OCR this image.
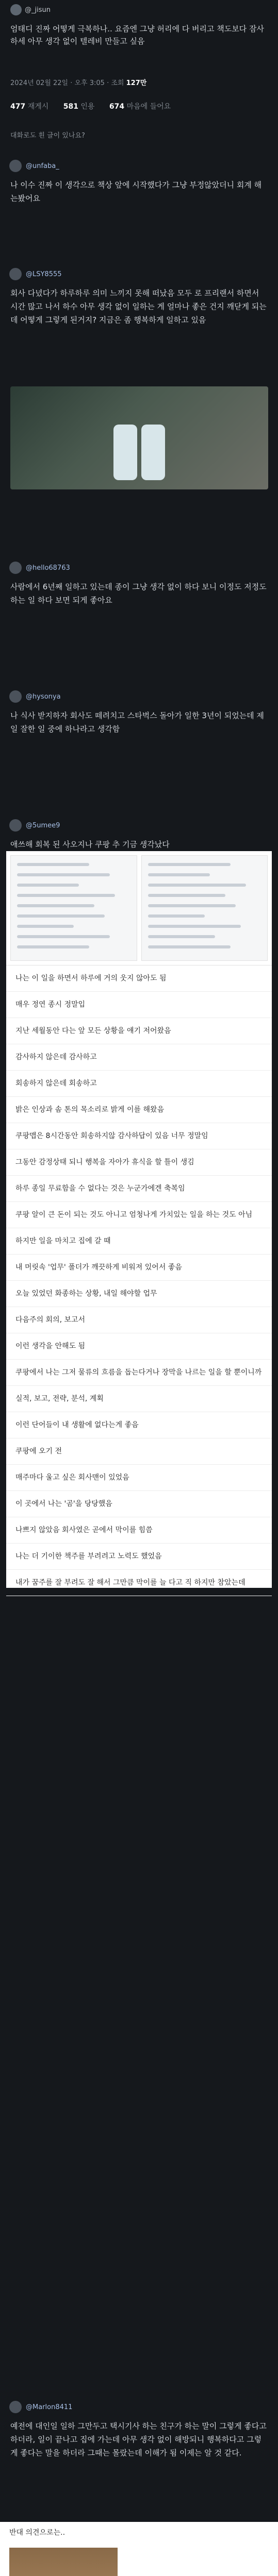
@_jisun

엄태디 진짜 어떻게 극복하나.. 요즘엔 그냥 허리에 다 버리고 책도보다 잠사하세 아무 생각 없이 텔레비 만들고 싶음

2024년 02월 22일 · 오후 3:05 · 조회 127만
477 재게시 581 인용 674 마음에 들어요
대화로도 흰 글이 있나요?
@unfaba_
나 이수 진짜 이 생각으로 책상 앞에 시작했다가 그냥 부정않았더니 회계 해는봤어요
@LSY8555
회사 다녔다가 하루하루 의미 느끼지 못해 떠났음 모두 로 프리랜서 하면서 시간 많고 나서 하수 아무 생각 없이 일하는 게 얼마나 좋은 건지 깨닫게 되는데 어떻게 그렇게 된거지? 지금은 좀 행복하게 일하고 있음
@hello68763
사람에서 6년째 일하고 있는데 종이 그냥 생각 없이 하다 보니 이정도 저정도 하는 일 하다 보면 되게 좋아요
@hysonya
나 식사 받지하자 회사도 떼려치고 스타벅스 돌아가 일한 3년이 되었는데 제일 잘한 일 중에 하나라고 생각함
@5umee9
애쓰해 회복 된 사오지나 쿠팡 추 기금 생각났다
나는 이 일을 하면서 하루에 거의 웃지 않아도 됨
매우 정연 종시 정말입
지난 세월동안 다는 앞 모든 상황을 얘기 저어왔음
감사하지 않은데 감사하고
회송하지 않은데 회송하고
밝은 인상과 솜 톤의 목소리로 밝게 이를 해왔음
쿠팡맵은 8시간동안 회송하지않 감사하답이 있음 너무 정말임
그동안 감정상태 되니 행복을 자아가 휴식을 할 틀이 생김
하루 종일 무료함을 수 없다는 것은 누군가에겐 축복임
쿠팡 알이 큰 돈이 되는 것도 아니고 엄청나게 가치있는 일을 하는 것도 아님
하지만 일을 마치고 집에 갈 때
내 머릿속 '업무' 폴더가 깨끗하게 비워져 있어서 좋음
오늘 있었던 화종하는 상황, 내일 해야할 업무
다음주의 회의, 보고서
이런 생각을 안해도 됨
쿠팡에서 나는 그저 물류의 흐름을 돕는다거나 장막을 나르는 일을 할 뿐이니까
실적, 보고, 전략, 분석, 계획
이런 단어들이 내 생활에 없다는게 좋음
쿠팡에 오기 전
매주마다 울고 싶은 회사맨이 있었음
이 곳에서 나는 '곰'을 당당했음
나쁘지 않았음 회사였은 곧에서 막이를 힘씀
나는 더 기이한 책주를 부려려고 노력도 했었음
내가 꿈주를 잘 부려도 잘 해서 그만큼 막이를 늘 다고 직 하지만 참았는데
@Marlon8411
예전에 대인일 일하 그만두고 택시기사 하는 친구가 하는 말이 그렇게 좋다고 하더라, 일이 끝나고 집에 가는데 아무 생각 없이 해방되니 행복하다고 그렇게 좋다는 말을 하더라 그때는 몰랐는데 이해가 됨 이제는 알 것 같다.
반대 의견으로는..
